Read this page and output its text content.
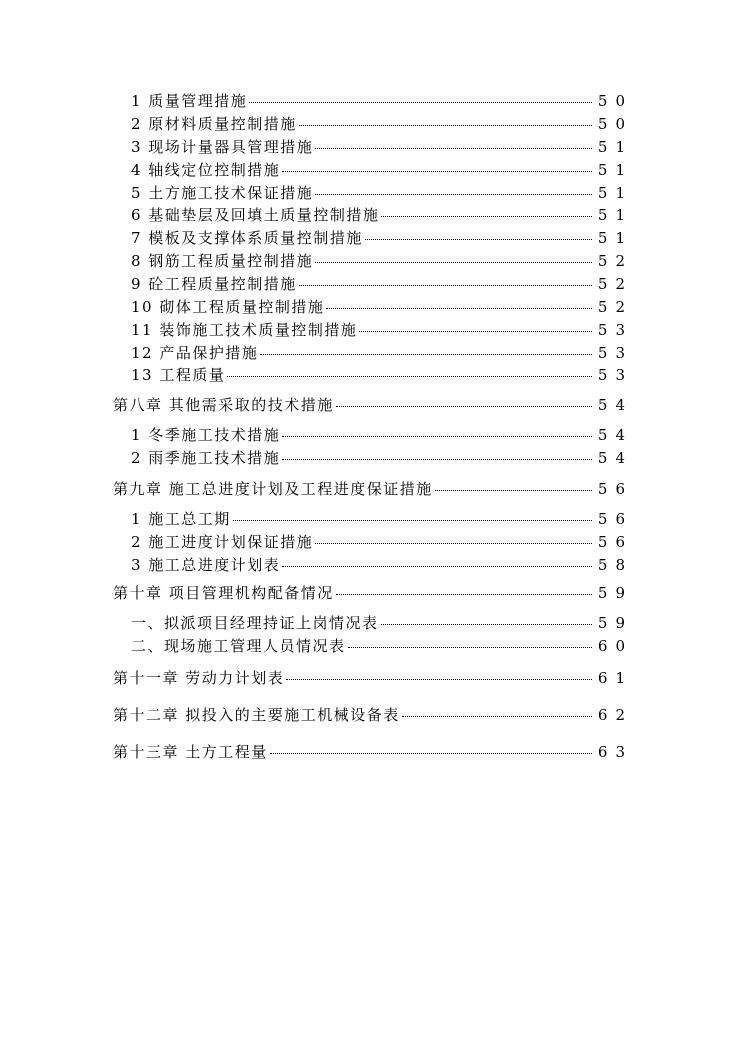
1 质量管理措施	50
2 原材料质量控制措施	50
3 现场计量器具管理措施	51
4 轴线定位控制措施	51
5 土方施工技术保证措施	51
6 基础垫层及回填土质量控制措施	51
7 模板及支撑体系质量控制措施	51
8 钢筋工程质量控制措施	52
9 砼工程质量控制措施	52
10 砌体工程质量控制措施	52
11 装饰施工技术质量控制措施	53
12 产品保护措施	53
13 工程质量	53
第八章 其他需采取的技术措施	54
1 冬季施工技术措施	54
2 雨季施工技术措施	54
第九章 施工总进度计划及工程进度保证措施	56
1 施工总工期	56
2 施工进度计划保证措施	56
3 施工总进度计划表	58
第十章 项目管理机构配备情况	59
一、拟派项目经理持证上岗情况表	59
二、现场施工管理人员情况表	60
第十一章 劳动力计划表	61
第十二章 拟投入的主要施工机械设备表	62
第十三章 土方工程量	63
